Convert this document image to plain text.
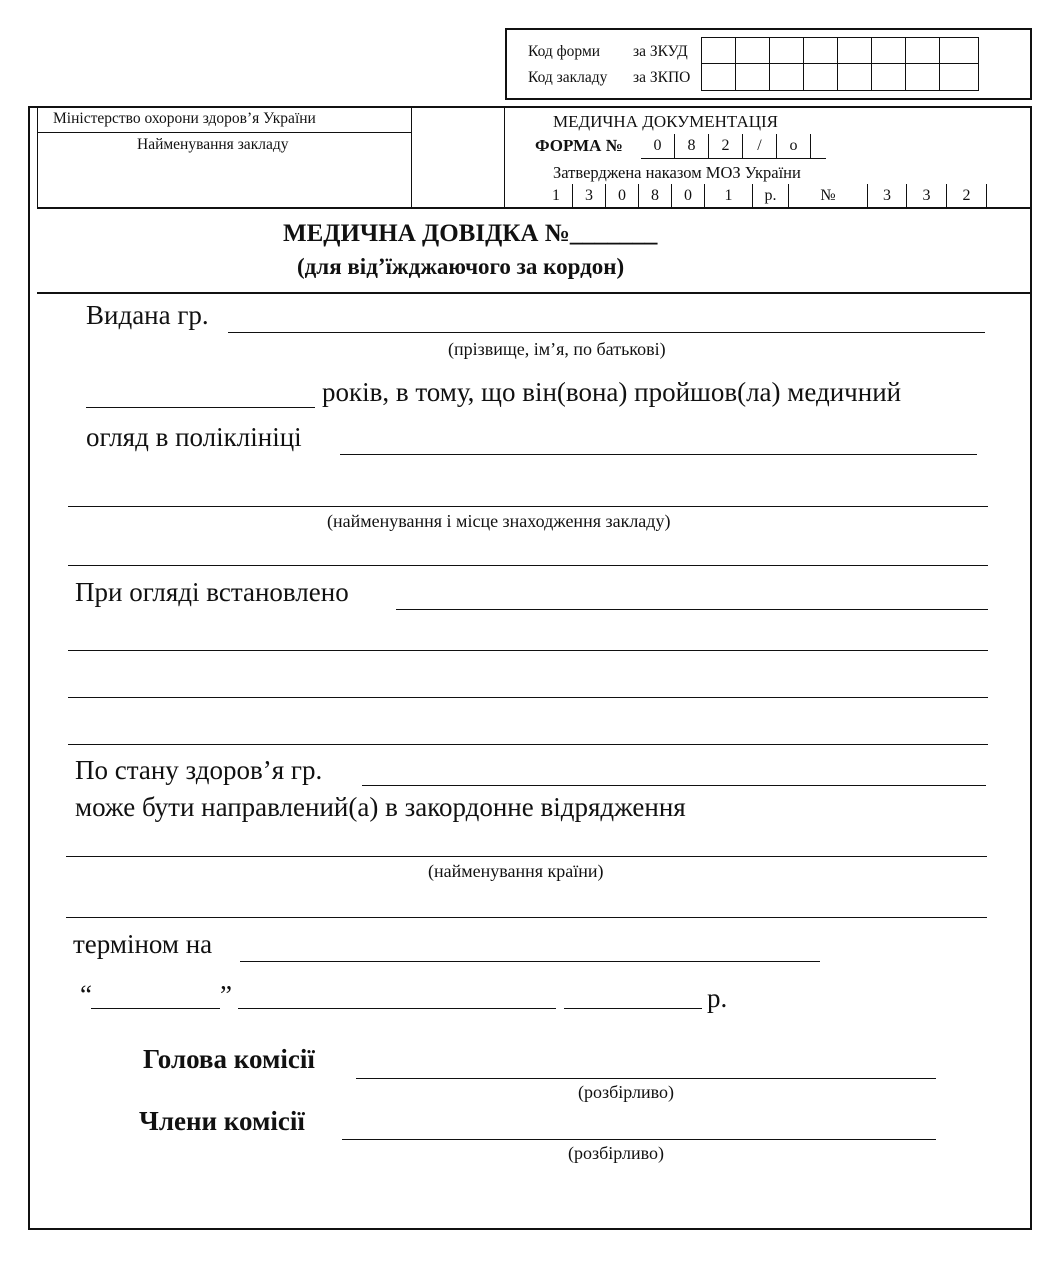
Код форми за ЗКУД
Код закладу за ЗКПО
Міністерство охорони здоров’я України
Найменування закладу
МЕДИЧНА ДОКУМЕНТАЦІЯ
ФОРМА №	0	8	2	/	о
Затверджена наказом МОЗ України
1	3	0	8	0	1	р.	№	3	3	2
МЕДИЧНА ДОВІДКА №_______
(для від’їжджаючого за кордон)
Видана гр.
(прізвище, ім’я, по батькові)
років, в тому, що він(вона) пройшов(ла) медичний
огляд в поліклініці
(найменування і місце знаходження закладу)
При огляді встановлено
По стану здоров’я гр.
може бути направлений(а) в закордонне відрядження
(найменування країни)
терміном на
“	”	р.
Голова комісії
(розбірливо)
Члени комісії
(розбірливо)
